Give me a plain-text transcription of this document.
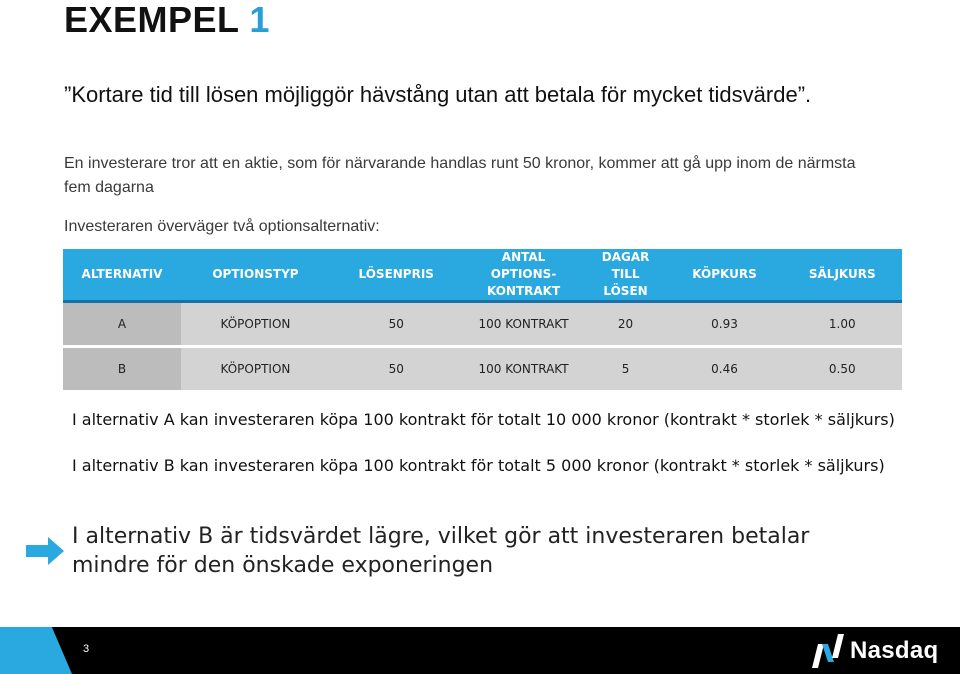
EXEMPEL 1
”Kortare tid till lösen möjliggör hävstång utan att betala för mycket tidsvärde”.
En investerare tror att en aktie, som för närvarande handlas runt 50 kronor, kommer att gå upp inom de närmsta fem dagarna
Investeraren överväger två optionsalternativ:
ALTERNATIV	OPTIONSTYP	LÖSENPRIS	ANTAL OPTIONS-KONTRAKT	DAGAR TILL LÖSEN	KÖPKURS	SÄLJKURS
A	KÖPOPTION	50	100 KONTRAKT	20	0.93	1.00
B	KÖPOPTION	50	100 KONTRAKT	5	0.46	0.50
I alternativ A kan investeraren köpa 100 kontrakt för totalt 10 000 kronor (kontrakt * storlek * säljkurs)
I alternativ B kan investeraren köpa 100 kontrakt för totalt 5 000 kronor (kontrakt * storlek * säljkurs)
I alternativ B är tidsvärdet lägre, vilket gör att investeraren betalar mindre för den önskade exponeringen
3	Nasdaq
